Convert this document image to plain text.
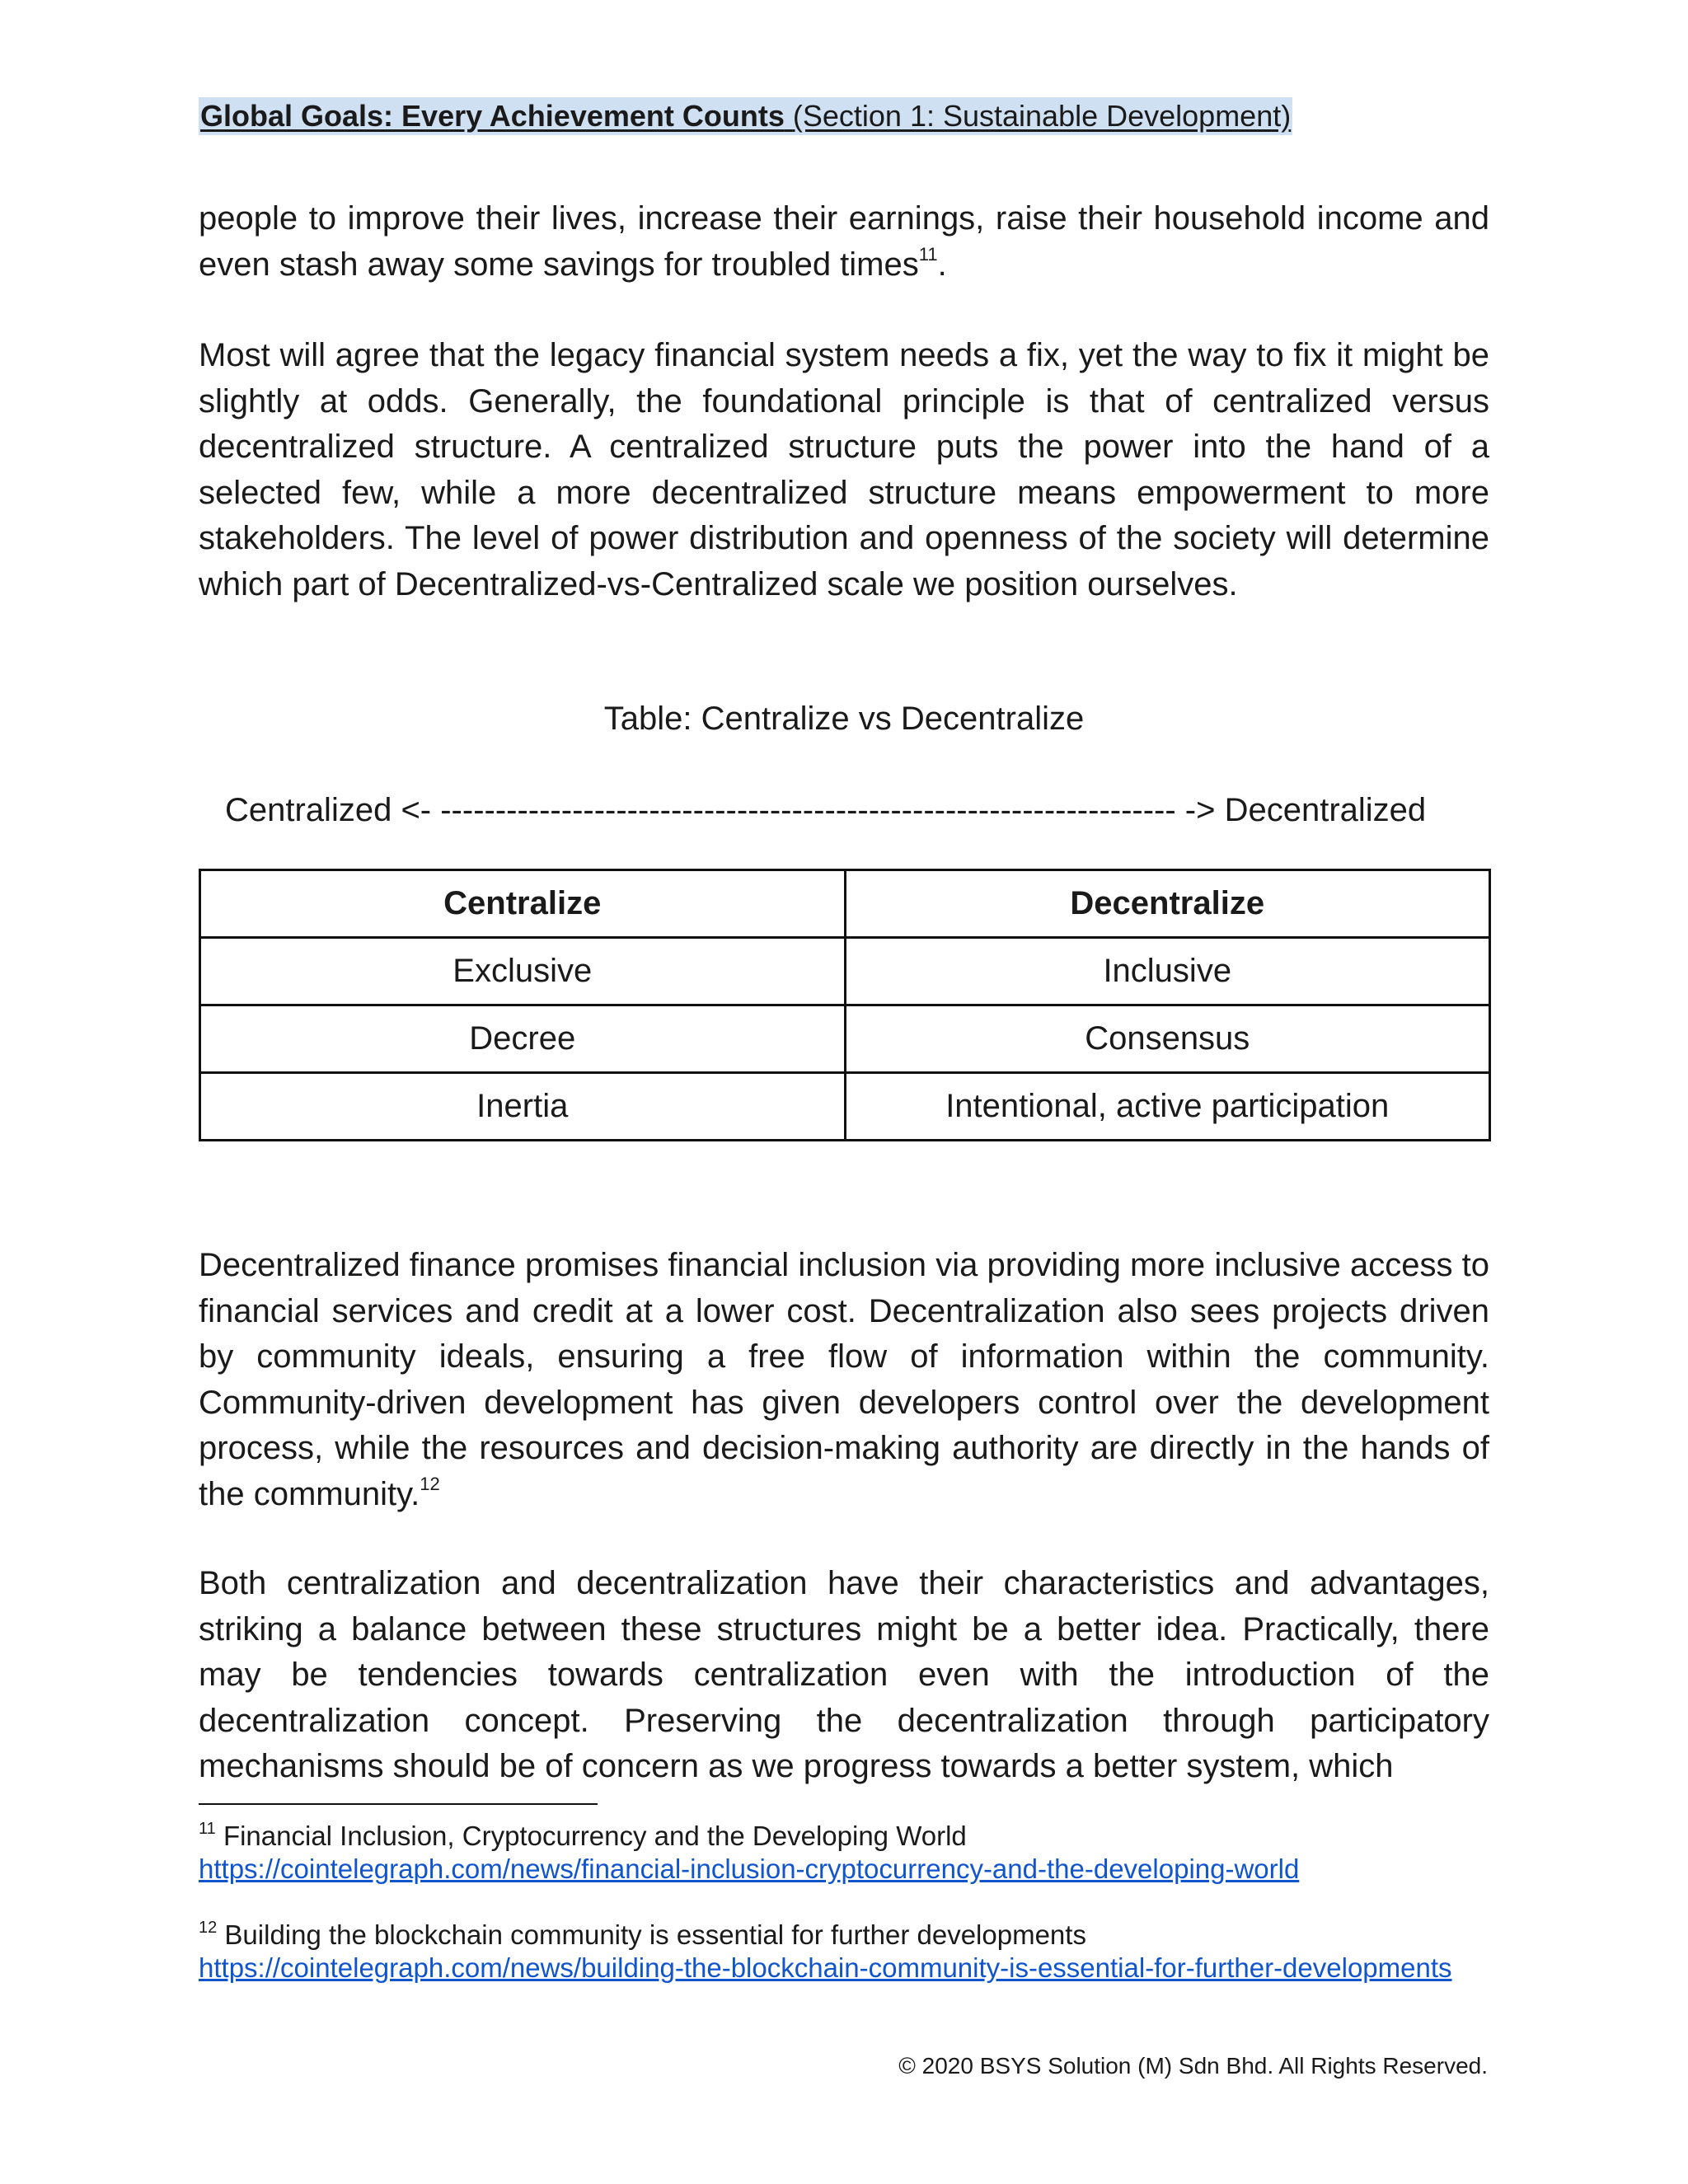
Global Goals: Every Achievement Counts (Section 1: Sustainable Development)

people to improve their lives, increase their earnings, raise their household income and even stash away some savings for troubled times$^{11}$.

Most will agree that the legacy financial system needs a fix, yet the way to fix it might be slightly at odds. Generally, the foundational principle is that of centralized versus decentralized structure. A centralized structure puts the power into the hand of a selected few, while a more decentralized structure means empowerment to more stakeholders. The level of power distribution and openness of the society will determine which part of Decentralized-vs-Centralized scale we position ourselves.

Table: Centralize vs Decentralize
Centralized <- ------------------------------------------------------------------- -> Decentralized
Centralize	Decentralize
Exclusive	Inclusive
Decree	Consensus
Inertia	Intentional, active participation

Decentralized finance promises financial inclusion via providing more inclusive access to financial services and credit at a lower cost. Decentralization also sees projects driven by community ideals, ensuring a free flow of information within the community. Community-driven development has given developers control over the development process, while the resources and decision-making authority are directly in the hands of the community.$^{12}$

Both centralization and decentralization have their characteristics and advantages, striking a balance between these structures might be a better idea. Practically, there may be tendencies towards centralization even with the introduction of the decentralization concept. Preserving the decentralization through participatory mechanisms should be of concern as we progress towards a better system, which

$^{11}$ Financial Inclusion, Cryptocurrency and the Developing World
https://cointelegraph.com/news/financial-inclusion-cryptocurrency-and-the-developing-world
$^{12}$ Building the blockchain community is essential for further developments
https://cointelegraph.com/news/building-the-blockchain-community-is-essential-for-further-developments
© 2020 BSYS Solution (M) Sdn Bhd. All Rights Reserved.
